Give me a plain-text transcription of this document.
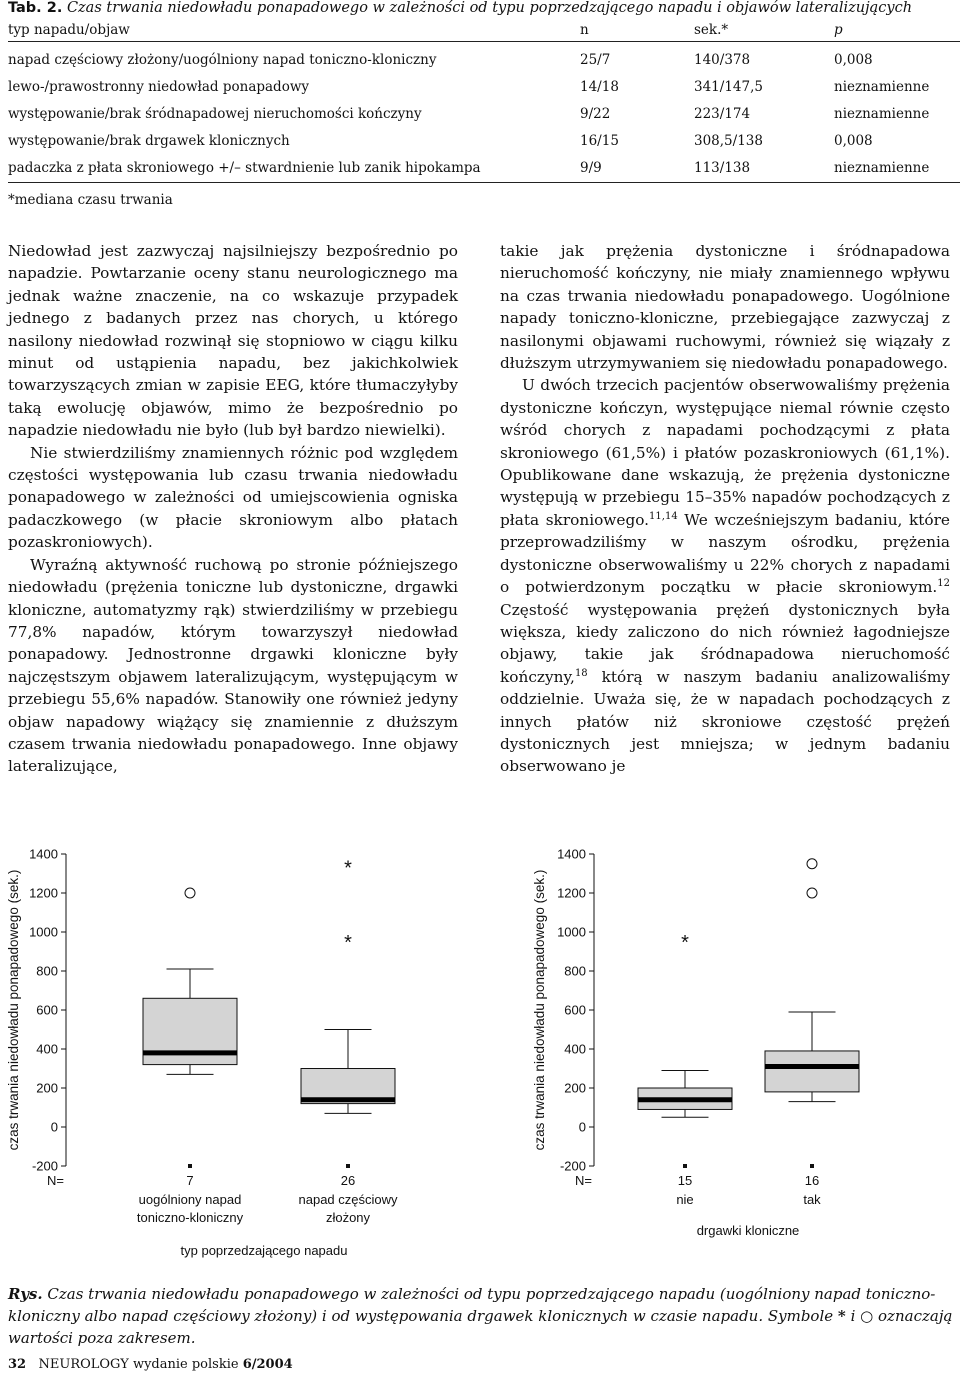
Tab. 2. Czas trwania niedowładu ponapadowego w zależności od typu poprzedzającego napadu i objawów lateralizujących
typ napadu/objaw	n	sek.*	p
napad częściowy złożony/uogólniony napad toniczno-kloniczny	25/7	140/378	0,008
lewo-/prawostronny niedowład ponapadowy	14/18	341/147,5	nieznamienne
występowanie/brak śródnapadowej nieruchomości kończyny	9/22	223/174	nieznamienne
występowanie/brak drgawek klonicznych	16/15	308,5/138	0,008
padaczka z płata skroniowego +/– stwardnienie lub zanik hipokampa	9/9	113/138	nieznamienne
*mediana czasu trwania

Niedowład jest zazwyczaj najsilniejszy bezpośrednio po napadzie. Powtarzanie oceny stanu neurologicznego ma jednak ważne znaczenie, na co wskazuje przypadek jednego z badanych przez nas chorych, u którego nasilony niedowład rozwinął się stopniowo w ciągu kilku minut od ustąpienia napadu, bez jakichkolwiek towarzyszących zmian w zapisie EEG, które tłumaczyłyby taką ewolucję objawów, mimo że bezpośrednio po napadzie niedowładu nie było (lub był bardzo niewielki).

Nie stwierdziliśmy znamiennych różnic pod względem częstości występowania lub czasu trwania niedowładu ponapadowego w zależności od umiejscowienia ogniska padaczkowego (w płacie skroniowym albo płatach pozaskroniowych).

Wyraźną aktywność ruchową po stronie późniejszego niedowładu (prężenia toniczne lub dystoniczne, drgawki kloniczne, automatyzmy rąk) stwierdziliśmy w przebiegu 77,8% napadów, którym towarzyszył niedowład ponapadowy. Jednostronne drgawki kloniczne były najczęstszym objawem lateralizującym, występującym w przebiegu 55,6% napadów. Stanowiły one również jedyny objaw napadowy wiążący się znamiennie z dłuższym czasem trwania niedowładu ponapadowego. Inne objawy lateralizujące,

takie jak prężenia dystoniczne i śródnapadowa nieruchomość kończyny, nie miały znamiennego wpływu na czas trwania niedowładu ponapadowego. Uogólnione napady toniczno-kloniczne, przebiegające zazwyczaj z nasilonymi objawami ruchowymi, również się wiązały z dłuższym utrzymywaniem się niedowładu ponapadowego.

U dwóch trzecich pacjentów obserwowaliśmy prężenia dystoniczne kończyn, występujące niemal równie często wśród chorych z napadami pochodzącymi z płata skroniowego (61,5%) i płatów pozaskroniowych (61,1%). Opublikowane dane wskazują, że prężenia dystoniczne występują w przebiegu 15–35% napadów pochodzących z płata skroniowego.$^{11,14}$ We wcześniejszym badaniu, które przeprowadziliśmy w naszym ośrodku, prężenia dystoniczne obserwowaliśmy u 22% chorych z napadami o potwierdzonym początku w płacie skroniowym.$^{12}$ Częstość występowania prężeń dystonicznych była większa, kiedy zaliczono do nich również łagodniejsze objawy, takie jak śródnapadowa nieruchomość kończyny,$^{18}$ którą w naszym badaniu analizowaliśmy oddzielnie. Uważa się, że w napadach pochodzących z innych płatów niż skroniowe częstość prężeń dystonicznych jest mniejsza; w jednym badaniu obserwowano je

1400
1200
1000
800
600
400
200
0
-200
czas trwania niedowładu ponapadowego (sek.)
N=	7
uogólniony napad
toniczno-kloniczny
*
*
26
napad częściowy
złożony
typ poprzedzającego napadu
1400
1200
1000
800
600
400
200
0
-200
czas trwania niedowładu ponapadowego (sek.)
N=
*
15
nie
16
tak
drgawki kloniczne
Rys. Czas trwania niedowładu ponapadowego w zależności od typu poprzedzającego napadu (uogólniony napad toniczno-kloniczny albo napad częściowy złożony) i od występowania drgawek klonicznych w czasie napadu. Symbole * i ○ oznaczają wartości poza zakresem.
32 NEUROLOGY wydanie polskie 6/2004
